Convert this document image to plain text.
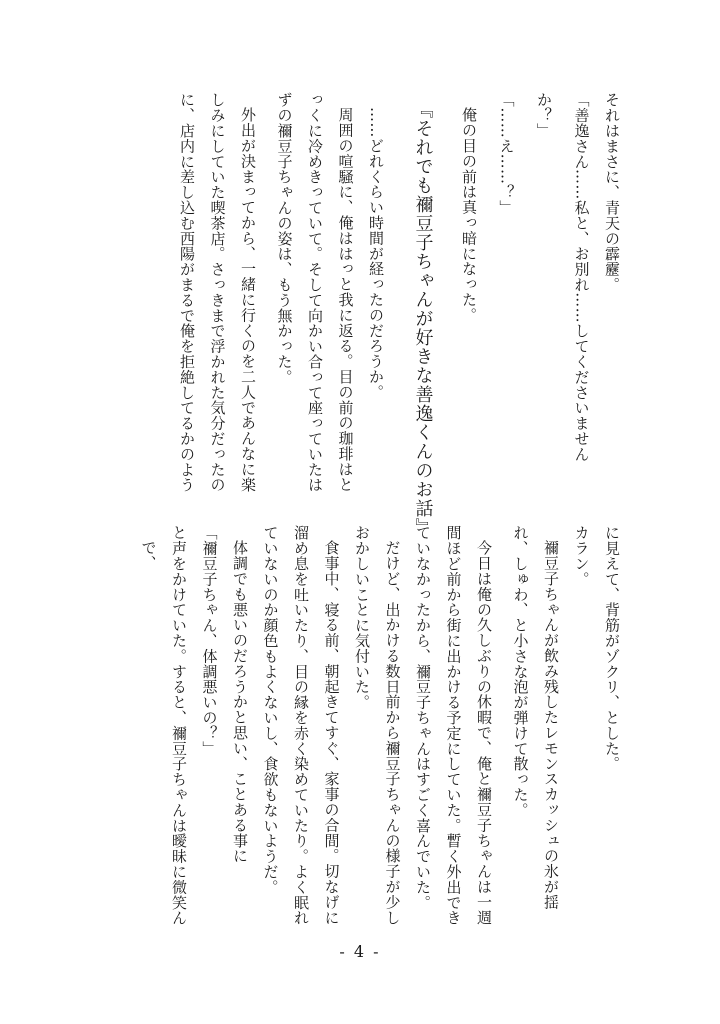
それはまさに、青天の霹靂。
「善逸さん……私と、お別れ……してくださいません
か？」
「……え……？」
俺の目の前は真っ暗になった。
『それでも禰豆子ちゃんが好きな善逸くんのお話』
……どれくらい時間が経ったのだろうか。
周囲の喧騒に、俺ははっと我に返る。目の前の珈琲はと
っくに冷めきっていて。そして向かい合って座っていたは
ずの禰豆子ちゃんの姿は、もう無かった。
外出が決まってから、一緒に行くのを二人であんなに楽
しみにしていた喫茶店。さっきまで浮かれた気分だったの
に、店内に差し込む西陽がまるで俺を拒絶してるかのよう
に見えて、背筋がゾクリ、とした。
カラン。
禰豆子ちゃんが飲み残したレモンスカッシュの氷が揺
れ、しゅわ、と小さな泡が弾けて散った。
今日は俺の久しぶりの休暇で、俺と禰豆子ちゃんは一週
間ほど前から街に出かける予定にしていた。暫く外出でき
ていなかったから、禰豆子ちゃんはすごく喜んでいた。
だけど、出かける数日前から禰豆子ちゃんの様子が少し
おかしいことに気付いた。
食事中、寝る前、朝起きてすぐ、家事の合間。切なげに
溜め息を吐いたり、目の縁を赤く染めていたり。よく眠れ
ていないのか顔色もよくないし、食欲もないようだ。
体調でも悪いのだろうかと思い、ことある事に
「禰豆子ちゃん、体調悪いの？」
と声をかけていた。すると、禰豆子ちゃんは曖昧に微笑ん
で、
- 4 -
